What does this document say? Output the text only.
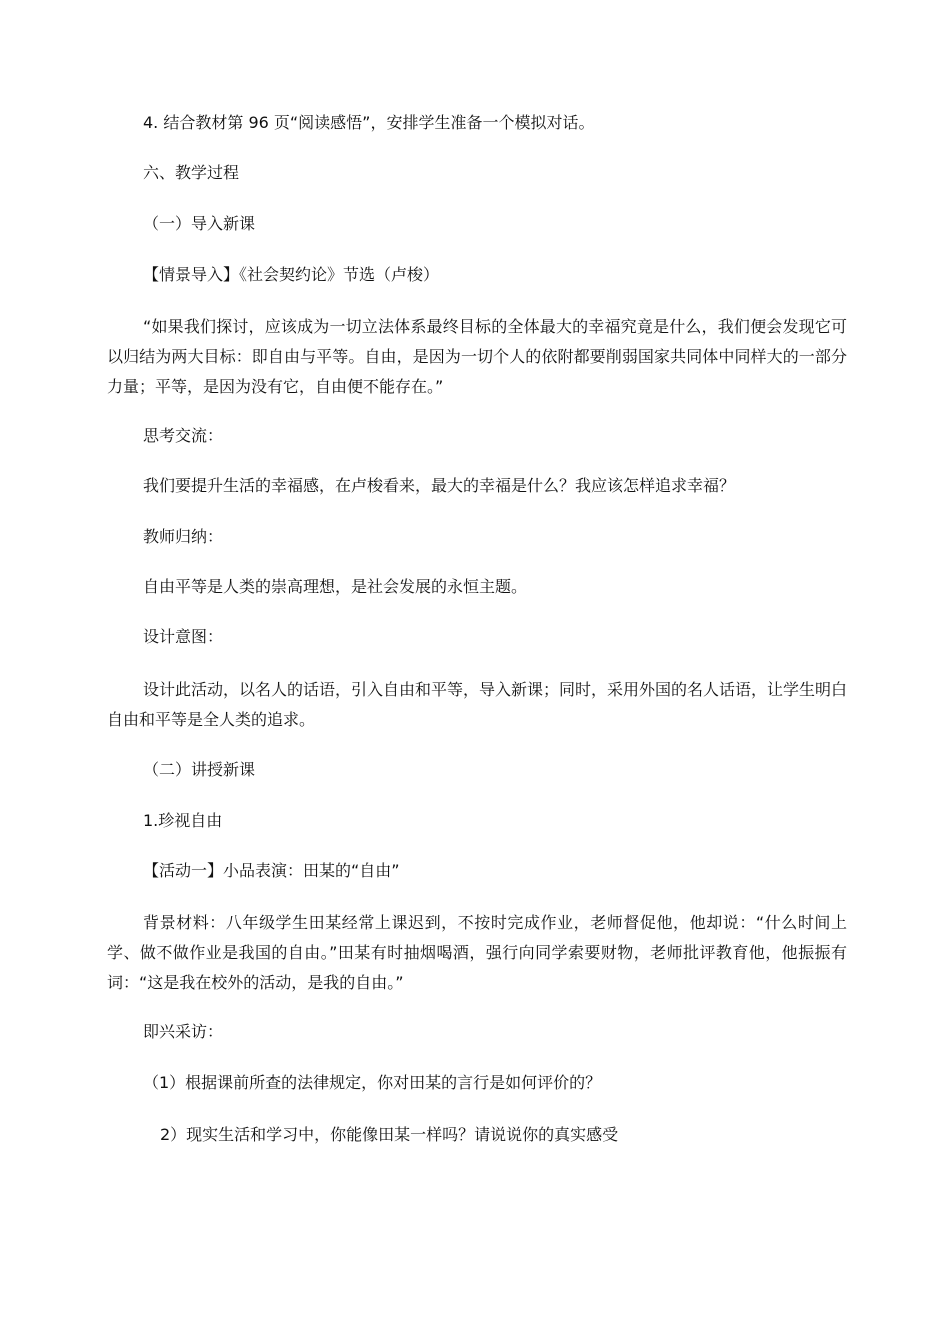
4. 结合教材第 96 页“阅读感悟”，安排学生准备一个模拟对话。
六、教学过程
（一）导入新课
【情景导入】《社会契约论》节选（卢梭）
“如果我们探讨，应该成为一切立法体系最终目标的全体最大的幸福究竟是什么，我们便会发现它可以归结为两大目标：即自由与平等。自由，是因为一切个人的依附都要削弱国家共同体中同样大的一部分力量；平等，是因为没有它，自由便不能存在。”
思考交流：
我们要提升生活的幸福感，在卢梭看来，最大的幸福是什么？我应该怎样追求幸福？
教师归纳：
自由平等是人类的崇高理想，是社会发展的永恒主题。
设计意图：
设计此活动，以名人的话语，引入自由和平等，导入新课；同时，采用外国的名人话语，让学生明白自由和平等是全人类的追求。
（二）讲授新课
1.珍视自由
【活动一】小品表演：田某的“自由”
背景材料：八年级学生田某经常上课迟到，不按时完成作业，老师督促他，他却说：“什么时间上学、做不做作业是我国的自由。”田某有时抽烟喝酒，强行向同学索要财物，老师批评教育他，他振振有词：“这是我在校外的活动，是我的自由。”
即兴采访：
（1）根据课前所查的法律规定，你对田某的言行是如何评价的？
2）现实生活和学习中，你能像田某一样吗？请说说你的真实感受
